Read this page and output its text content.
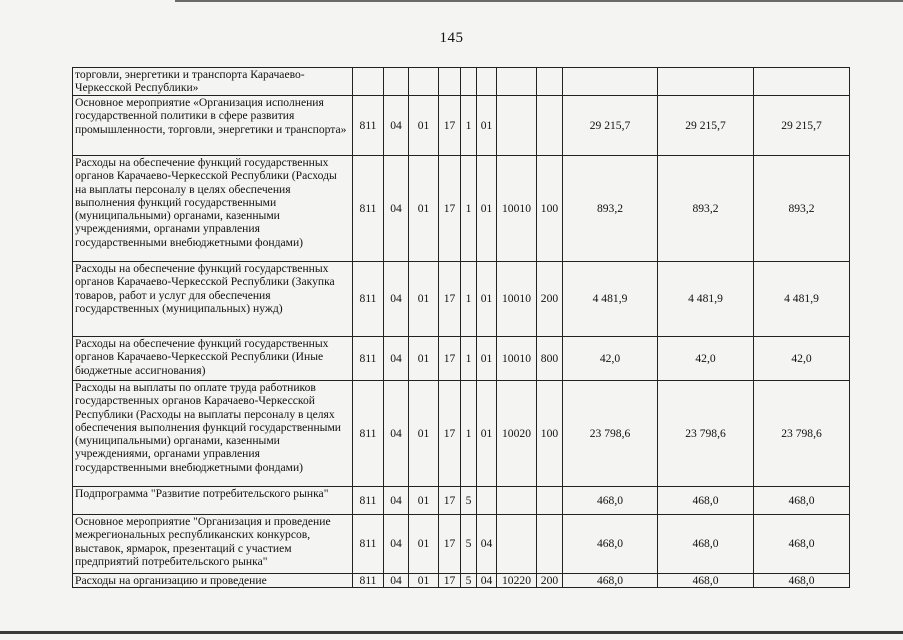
145
торговли, энергетики и транспорта Карачаево-Черкесской Республики»											
Основное мероприятие «Организация исполнения государственной политики в сфере развития промышленности, торговли, энергетики и транспорта»	811	04	01	17	1	01			29 215,7	29 215,7	29 215,7
Расходы на обеспечение функций государственных органов Карачаево-Черкесской Республики (Расходы на выплаты персоналу в целях обеспечения выполнения функций государственными (муниципальными) органами, казенными учреждениями, органами управления государственными внебюджетными фондами)	811	04	01	17	1	01	10010	100	893,2	893,2	893,2
Расходы на обеспечение функций государственных органов Карачаево-Черкесской Республики (Закупка товаров, работ и услуг для обеспечения государственных (муниципальных) нужд)	811	04	01	17	1	01	10010	200	4 481,9	4 481,9	4 481,9
Расходы на обеспечение функций государственных органов Карачаево-Черкесской Республики (Иные бюджетные ассигнования)	811	04	01	17	1	01	10010	800	42,0	42,0	42,0
Расходы на выплаты по оплате труда работников государственных органов Карачаево-Черкесской Республики (Расходы на выплаты персоналу в целях обеспечения выполнения функций государственными (муниципальными) органами, казенными учреждениями, органами управления государственными внебюджетными фондами)	811	04	01	17	1	01	10020	100	23 798,6	23 798,6	23 798,6
Подпрограмма "Развитие потребительского рынка"	811	04	01	17	5				468,0	468,0	468,0
Основное мероприятие "Организация и проведение межрегиональных республиканских конкурсов, выставок, ярмарок, презентаций с участием предприятий потребительского рынка"	811	04	01	17	5	04			468,0	468,0	468,0
Расходы на организацию и проведение	811	04	01	17	5	04	10220	200	468,0	468,0	468,0
